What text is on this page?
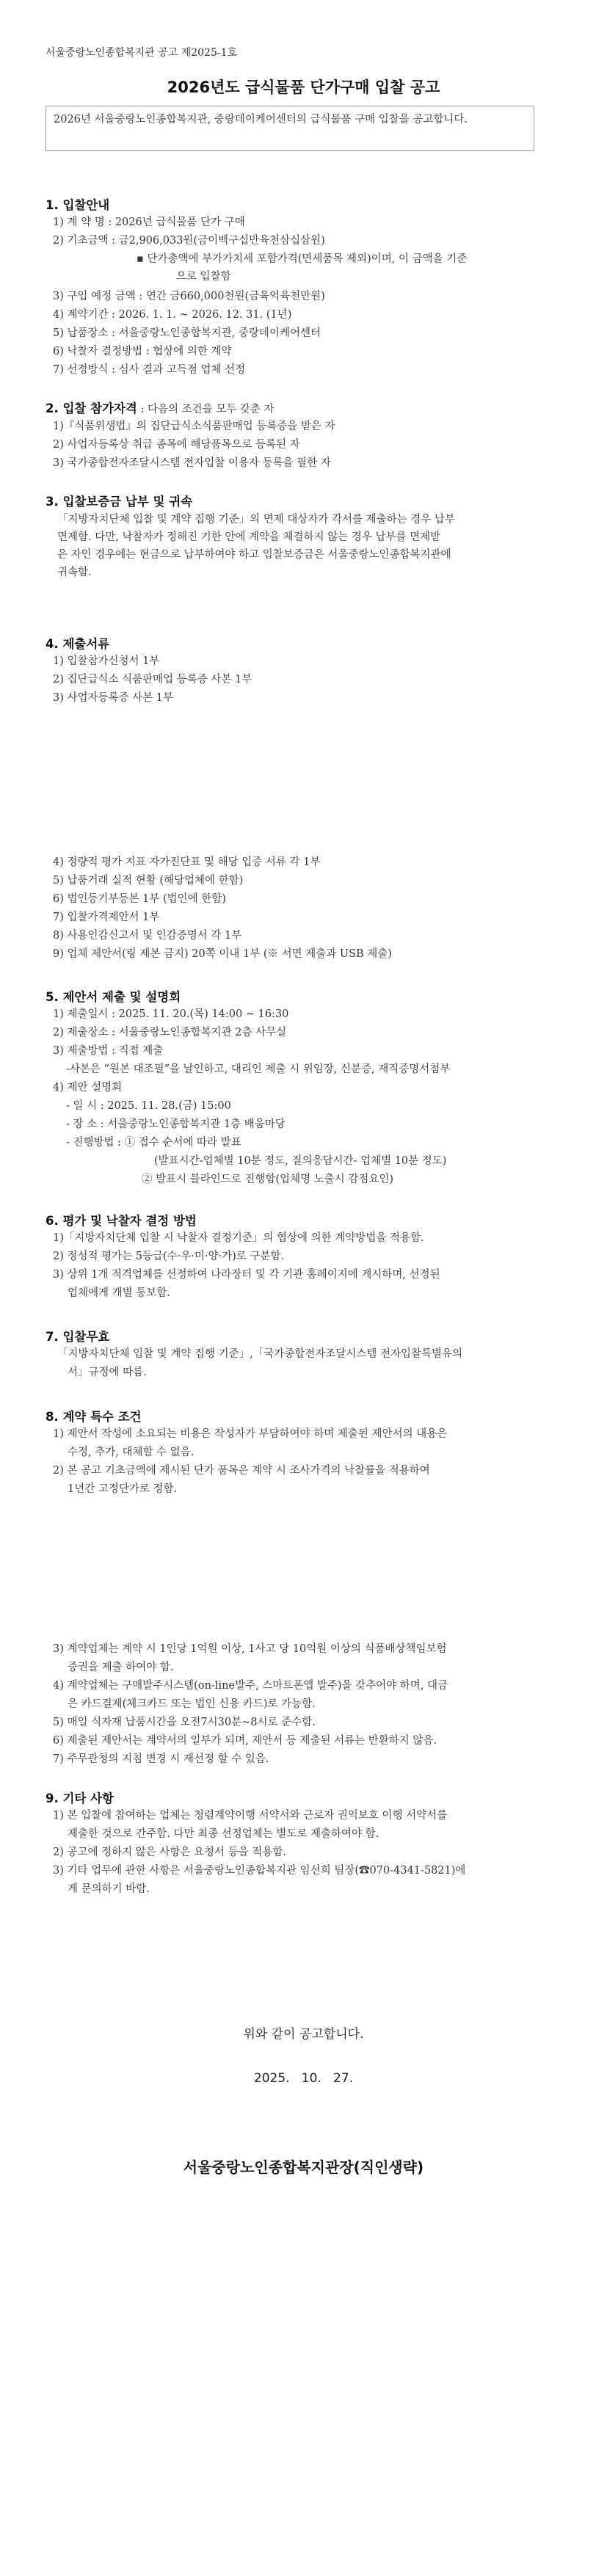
서울중랑노인종합복지관 공고 제2025-1호
2026년도 급식물품 단가구매 입찰 공고
2026년 서울중랑노인종합복지관, 중랑데이케어센터의 급식물품 구매 입찰을 공고합니다.
1. 입찰안내
1) 계 약 명 : 2026년 급식물품 단가 구매
2) 기초금액 : 금2,906,033원(금이백구십만육천삼십삼원)
▪ 단가총액에 부가가치세 포함가격(면세품목 제외)이며, 이 금액을 기준
으로 입찰함
3) 구입 예정 금액 : 연간 금660,000천원(금육억육천만원)
4) 계약기간 : 2026. 1. 1. ~ 2026. 12. 31. (1년)
5) 납품장소 : 서울중랑노인종합복지관, 중랑데이케어센터
6) 낙찰자 결정방법 : 협상에 의한 계약
7) 선정방식 : 심사 결과 고득점 업체 선정
2. 입찰 참가자격 : 다음의 조건을 모두 갖춘 자
1)『식품위생법』의 집단급식소식품판매업 등록증을 받은 자
2) 사업자등록상 취급 종목에 해당품목으로 등록된 자
3) 국가종합전자조달시스템 전자입찰 이용자 등록을 필한 자
3. 입찰보증금 납부 및 귀속
「지방자치단체 입찰 및 계약 집행 기준」의 면제 대상자가 각서를 제출하는 경우 납부
면제함. 다만, 낙찰자가 정해진 기한 안에 계약을 체결하지 않는 경우 납부를 면제받
은 자인 경우에는 현금으로 납부하여야 하고 입찰보증금은 서울중랑노인종합복지관에
귀속함.
4. 제출서류
1) 입찰참가신청서 1부
2) 집단급식소 식품판매업 등록증 사본 1부
3) 사업자등록증 사본 1부
4) 정량적 평가 지표 자가진단표 및 해당 입증 서류 각 1부
5) 납품거래 실적 현황 (해당업체에 한함)
6) 법인등기부등본 1부 (법인에 한함)
7) 입찰가격제안서 1부
8) 사용인감신고서 및 인감증명서 각 1부
9) 업체 제안서(링 제본 금지) 20쪽 이내 1부 (※ 서면 제출과 USB 제출)
5. 제안서 제출 및 설명회
1) 제출일시 : 2025. 11. 20.(목) 14:00 ~ 16:30
2) 제출장소 : 서울중랑노인종합복지관 2층 사무실
3) 제출방법 : 직접 제출
-사본은 “원본 대조필”을 날인하고, 대리인 제출 시 위임장, 신분증, 재직증명서첨부
4) 제안 설명회
- 일 시 : 2025. 11. 28.(금) 15:00
- 장 소 : 서울중랑노인종합복지관 1층 배움마당
- 진행방법 : ① 접수 순서에 따라 발표
(발표시간-업체별 10분 정도, 질의응답시간- 업체별 10분 정도)
② 발표시 블라인드로 진행함(업체명 노출시 감점요인)
6. 평가 및 낙찰자 결정 방법
1)「지방자치단체 입찰 시 낙찰자 결정기준」의 협상에 의한 계약방법을 적용함.
2) 정성적 평가는 5등급(수·우·미·양·가)로 구분함.
3) 상위 1개 적격업체를 선정하여 나라장터 및 각 기관 홈페이지에 게시하며, 선정된
업체에게 개별 통보함.
7. 입찰무효
「지방자치단체 입찰 및 계약 집행 기준」,「국가종합전자조달시스템 전자입찰특별유의
서」규정에 따름.
8. 계약 특수 조건
1) 제안서 작성에 소요되는 비용은 작성자가 부담하여야 하며 제출된 제안서의 내용은
수정, 추가, 대체할 수 없음.
2) 본 공고 기초금액에 제시된 단가 품목은 계약 시 조사가격의 낙찰률을 적용하여
1년간 고정단가로 정함.
3) 계약업체는 계약 시 1인당 1억원 이상, 1사고 당 10억원 이상의 식품배상책임보험
증권을 제출 하여야 함.
4) 계약업체는 구매발주시스템(on-line발주, 스마트폰앱 발주)을 갖추어야 하며, 대금
은 카드결제(체크카드 또는 법인 신용 카드)로 가능함.
5) 매일 식자재 납품시간을 오전7시30분~8시로 준수함.
6) 제출된 제안서는 계약서의 일부가 되며, 제안서 등 제출된 서류는 반환하지 않음.
7) 주무관청의 지침 변경 시 재선정 할 수 있음.
9. 기타 사항
1) 본 입찰에 참여하는 업체는 청렴계약이행 서약서와 근로자 권익보호 이행 서약서를
제출한 것으로 간주함. 다만 최종 선정업체는 별도로 제출하여야 함.
2) 공고에 정하지 않은 사항은 요청서 등을 적용함.
3) 기타 업무에 관한 사항은 서울중랑노인종합복지관 임선희 팀장(☎070-4341-5821)에
게 문의하기 바람.
위와 같이 공고합니다.
2025.   10.   27.
서울중랑노인종합복지관장(직인생략)
